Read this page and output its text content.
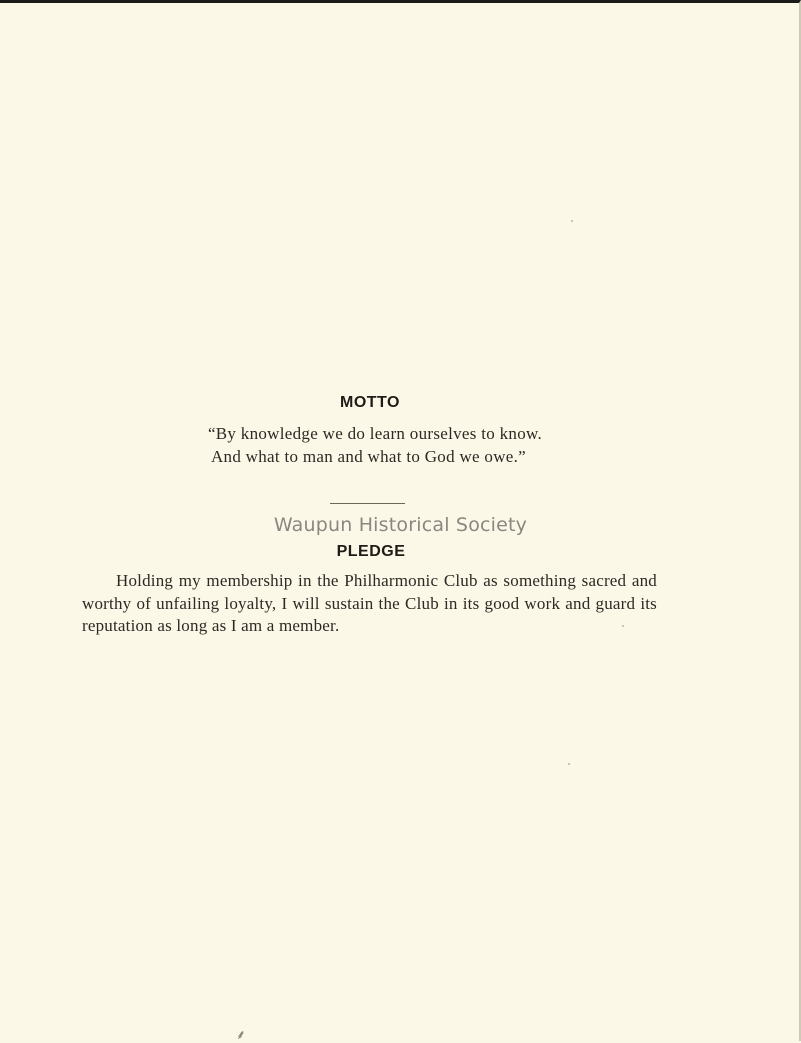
MOTTO
“By knowledge we do learn ourselves to know.
And what to man and what to God we owe.”
Waupun Historical Society
PLEDGE
Holding my membership in the Philharmonic Club as something sacred and worthy of unfailing loyalty, I will sustain the Club in its good work and guard its reputation as long as I am a member.
⸙
